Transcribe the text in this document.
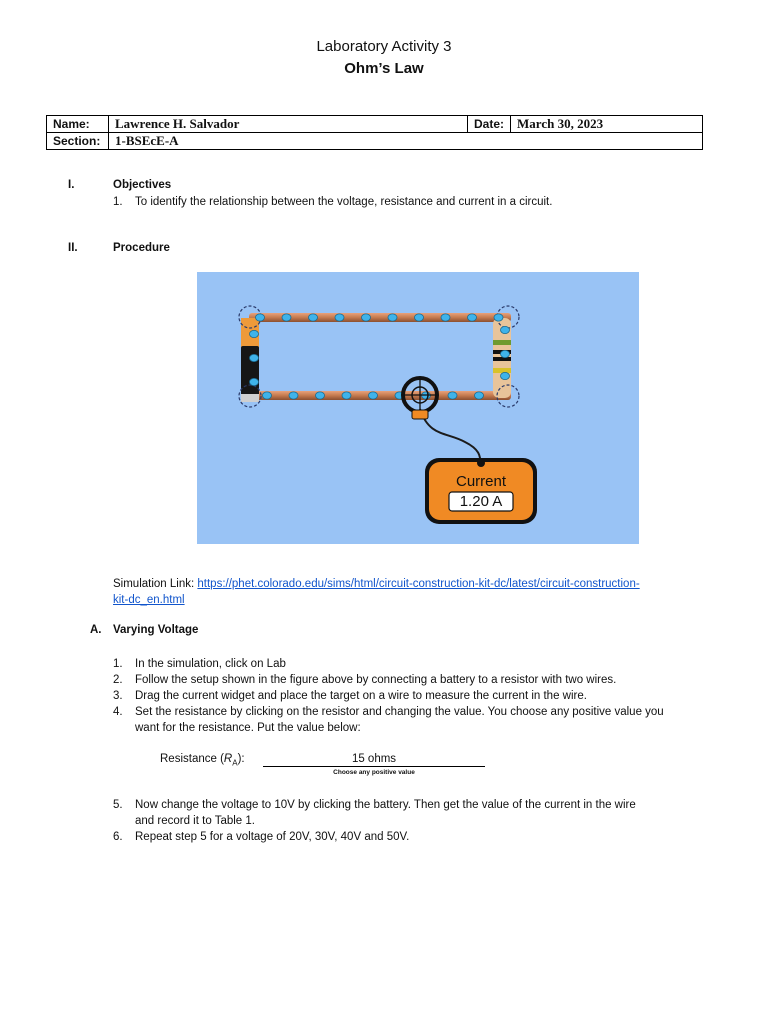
Laboratory Activity 3
Ohm’s Law
Name:	Lawrence H. Salvador	Date:	March 30, 2023
Section:	1-BSEcE-A		
I.	Objectives
1. To identify the relationship between the voltage, resistance and current in a circuit.
II.	Procedure
Current
1.20 A
Simulation Link: https://phet.colorado.edu/sims/html/circuit-construction-kit-dc/latest/circuit-construction-
kit-dc_en.html
A. Varying Voltage
1. In the simulation, click on Lab
2. Follow the setup shown in the figure above by connecting a battery to a resistor with two wires.
3. Drag the current widget and place the target on a wire to measure the current in the wire.
4. Set the resistance by clicking on the resistor and changing the value. You choose any positive value you
want for the resistance. Put the value below:
Resistance $(R_A)$:	15 ohms
Choose any positive value
5. Now change the voltage to 10V by clicking the battery. Then get the value of the current in the wire
and record it to Table 1.
6. Repeat step 5 for a voltage of 20V, 30V, 40V and 50V.
